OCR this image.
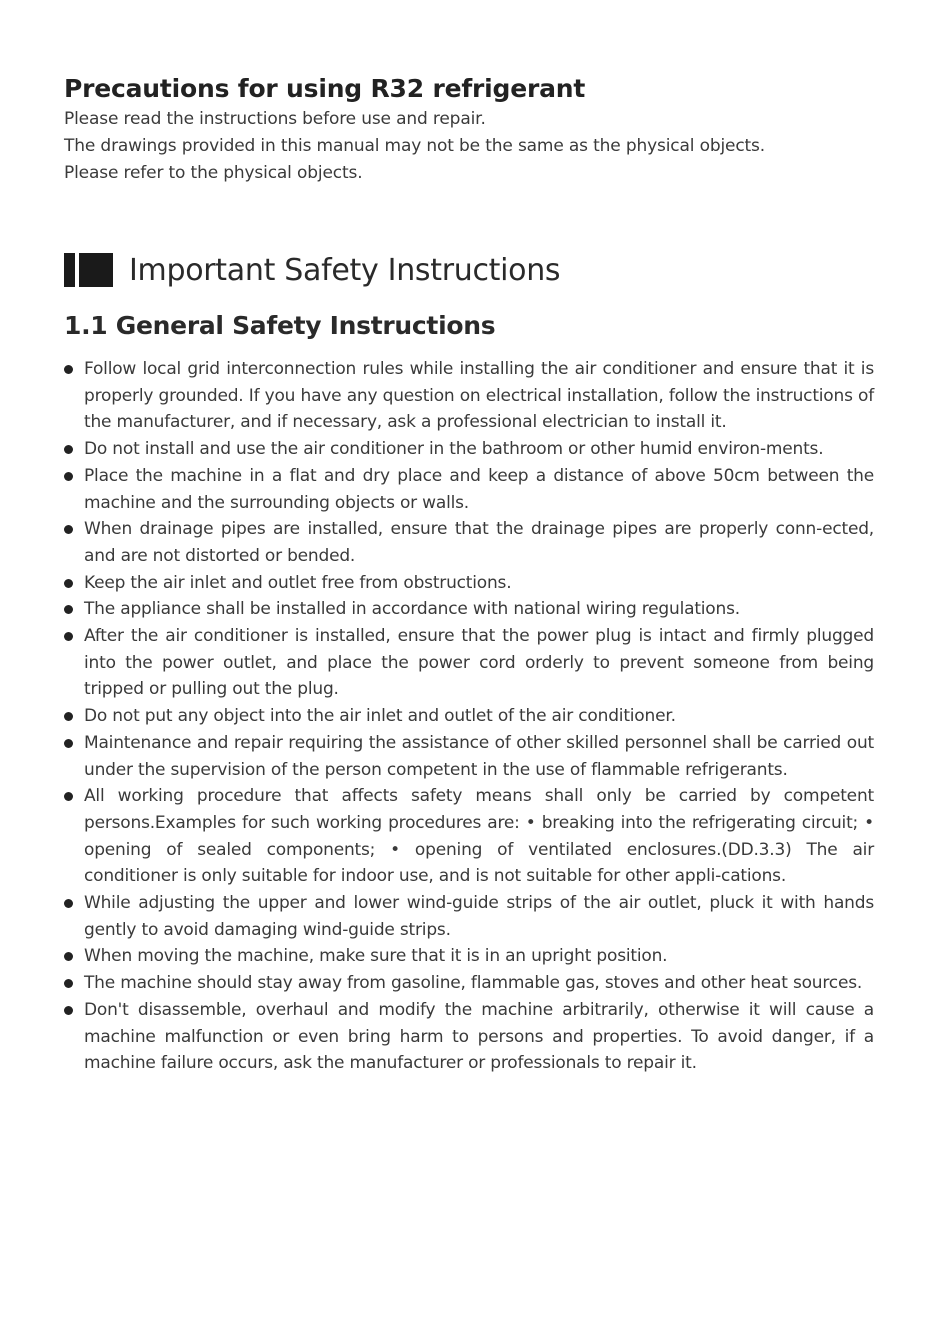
Precautions for using R32 refrigerant

Please read the instructions before use and repair.

The drawings provided in this manual may not be the same as the physical objects.

Please refer to the physical objects.

Important Safety Instructions
1.1 General Safety Instructions
Follow local grid interconnection rules while installing the air conditioner and ensure that it is properly grounded. If you have any question on electrical installation, follow the instructions of the manufacturer, and if necessary, ask a professional electrician to install it.
Do not install and use the air conditioner in the bathroom or other humid environ-ments.
Place the machine in a flat and dry place and keep a distance of above 50cm between the machine and the surrounding objects or walls.
When drainage pipes are installed, ensure that the drainage pipes are properly conn-ected, and are not distorted or bended.
Keep the air inlet and outlet free from obstructions.
The appliance shall be installed in accordance with national wiring regulations.
After the air conditioner is installed, ensure that the power plug is intact and firmly plugged into the power outlet, and place the power cord orderly to prevent someone from being tripped or pulling out the plug.
Do not put any object into the air inlet and outlet of the air conditioner.
Maintenance and repair requiring the assistance of other skilled personnel shall be carried out under the supervision of the person competent in the use of flammable refrigerants.
All working procedure that affects safety means shall only be carried by competent persons.Examples for such working procedures are: • breaking into the refrigerating circuit; • opening of sealed components; • opening of ventilated enclosures.(DD.3.3) The air conditioner is only suitable for indoor use, and is not suitable for other appli-cations.
While adjusting the upper and lower wind-guide strips of the air outlet, pluck it with hands gently to avoid damaging wind-guide strips.
When moving the machine, make sure that it is in an upright position.
The machine should stay away from gasoline, flammable gas, stoves and other heat sources.
Don't disassemble, overhaul and modify the machine arbitrarily, otherwise it will cause a machine malfunction or even bring harm to persons and properties. To avoid danger, if a machine failure occurs, ask the manufacturer or professionals to repair it.
